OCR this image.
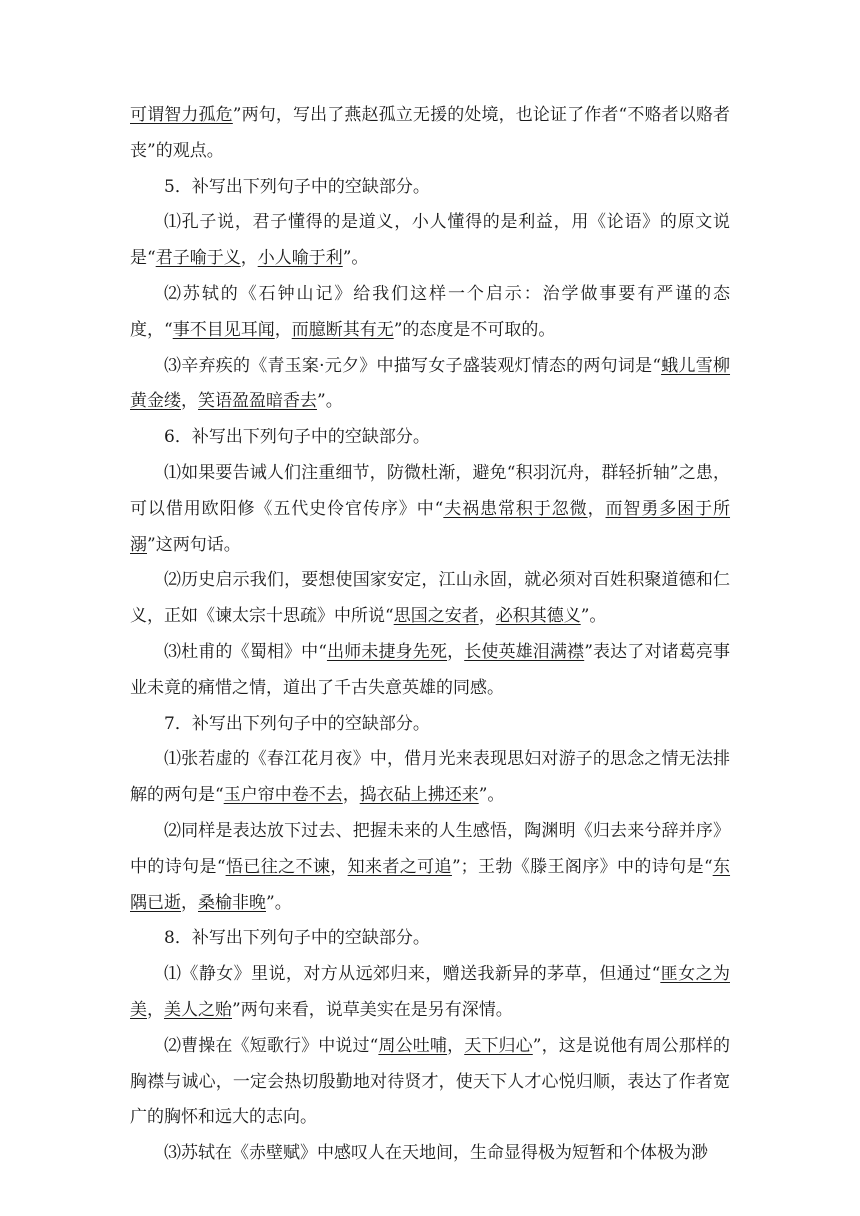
可谓智力孤危”两句，写出了燕赵孤立无援的处境，也论证了作者“不赂者以赂者丧”的观点。

5．补写出下列句子中的空缺部分。

⑴孔子说，君子懂得的是道义，小人懂得的是利益，用《论语》的原文说是“君子喻于义，小人喻于利”。

⑵苏轼的《石钟山记》给我们这样一个启示：治学做事要有严谨的态度，“事不目见耳闻，而臆断其有无”的态度是不可取的。

⑶辛弃疾的《青玉案·元夕》中描写女子盛装观灯情态的两句词是“蛾儿雪柳黄金缕，笑语盈盈暗香去”。

6．补写出下列句子中的空缺部分。

⑴如果要告诫人们注重细节，防微杜渐，避免“积羽沉舟，群轻折轴”之患，可以借用欧阳修《五代史伶官传序》中“夫祸患常积于忽微，而智勇多困于所溺”这两句话。

⑵历史启示我们，要想使国家安定，江山永固，就必须对百姓积聚道德和仁义，正如《谏太宗十思疏》中所说“思国之安者，必积其德义”。

⑶杜甫的《蜀相》中“出师未捷身先死，长使英雄泪满襟”表达了对诸葛亮事业未竟的痛惜之情，道出了千古失意英雄的同感。

7．补写出下列句子中的空缺部分。

⑴张若虚的《春江花月夜》中，借月光来表现思妇对游子的思念之情无法排解的两句是“玉户帘中卷不去，捣衣砧上拂还来”。

⑵同样是表达放下过去、把握未来的人生感悟，陶渊明《归去来兮辞并序》中的诗句是“悟已往之不谏，知来者之可追”；王勃《滕王阁序》中的诗句是“东隅已逝，桑榆非晚”。

8．补写出下列句子中的空缺部分。

⑴《静女》里说，对方从远郊归来，赠送我新异的茅草，但通过“匪女之为美，美人之贻”两句来看，说草美实在是另有深情。

⑵曹操在《短歌行》中说过“周公吐哺，天下归心”，这是说他有周公那样的胸襟与诚心，一定会热切殷勤地对待贤才，使天下人才心悦归顺，表达了作者宽广的胸怀和远大的志向。

⑶苏轼在《赤壁赋》中感叹人在天地间，生命显得极为短暂和个体极为渺
